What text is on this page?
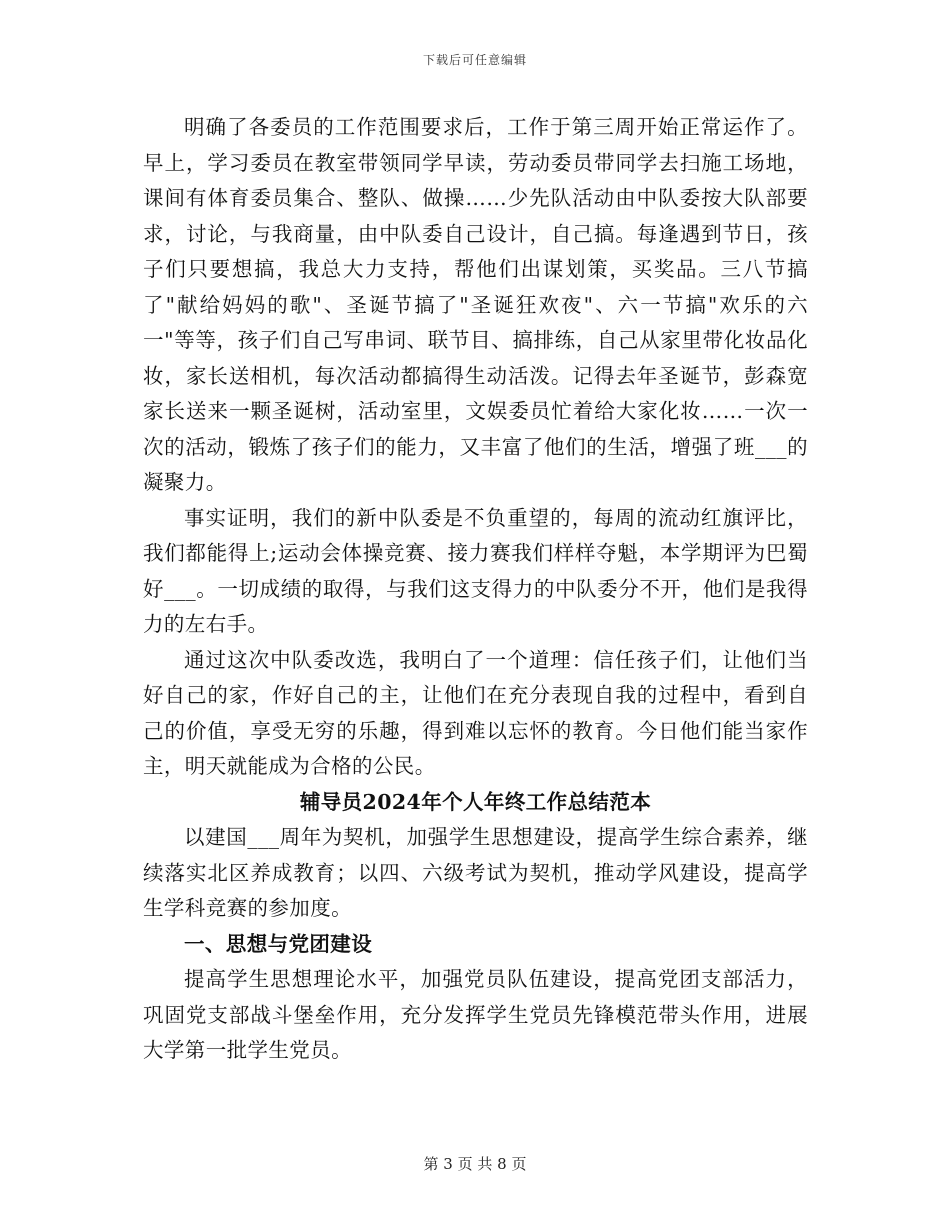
下载后可任意编辑

明确了各委员的工作范围要求后，工作于第三周开始正常运作了。早上，学习委员在教室带领同学早读，劳动委员带同学去扫施工场地，课间有体育委员集合、整队、做操……少先队活动由中队委按大队部要求，讨论，与我商量，由中队委自己设计，自己搞。每逢遇到节日，孩子们只要想搞，我总大力支持，帮他们出谋划策，买奖品。三八节搞了"献给妈妈的歌"、圣诞节搞了"圣诞狂欢夜"、六一节搞"欢乐的六一"等等，孩子们自己写串词、联节目、搞排练，自己从家里带化妆品化妆，家长送相机，每次活动都搞得生动活泼。记得去年圣诞节，彭森宽家长送来一颗圣诞树，活动室里，文娱委员忙着给大家化妆……一次一次的活动，锻炼了孩子们的能力，又丰富了他们的生活，增强了班___的凝聚力。

事实证明，我们的新中队委是不负重望的，每周的流动红旗评比，我们都能得上;运动会体操竞赛、接力赛我们样样夺魁，本学期评为巴蜀好___。一切成绩的取得，与我们这支得力的中队委分不开，他们是我得力的左右手。

通过这次中队委改选，我明白了一个道理：信任孩子们，让他们当好自己的家，作好自己的主，让他们在充分表现自我的过程中，看到自己的价值，享受无穷的乐趣，得到难以忘怀的教育。今日他们能当家作主，明天就能成为合格的公民。

辅导员2024年个人年终工作总结范本

以建国___周年为契机，加强学生思想建设，提高学生综合素养，继续落实北区养成教育；以四、六级考试为契机，推动学风建设，提高学生学科竞赛的参加度。

一、思想与党团建设

提高学生思想理论水平，加强党员队伍建设，提高党团支部活力，巩固党支部战斗堡垒作用，充分发挥学生党员先锋模范带头作用，进展大学第一批学生党员。

第 3 页 共 8 页
